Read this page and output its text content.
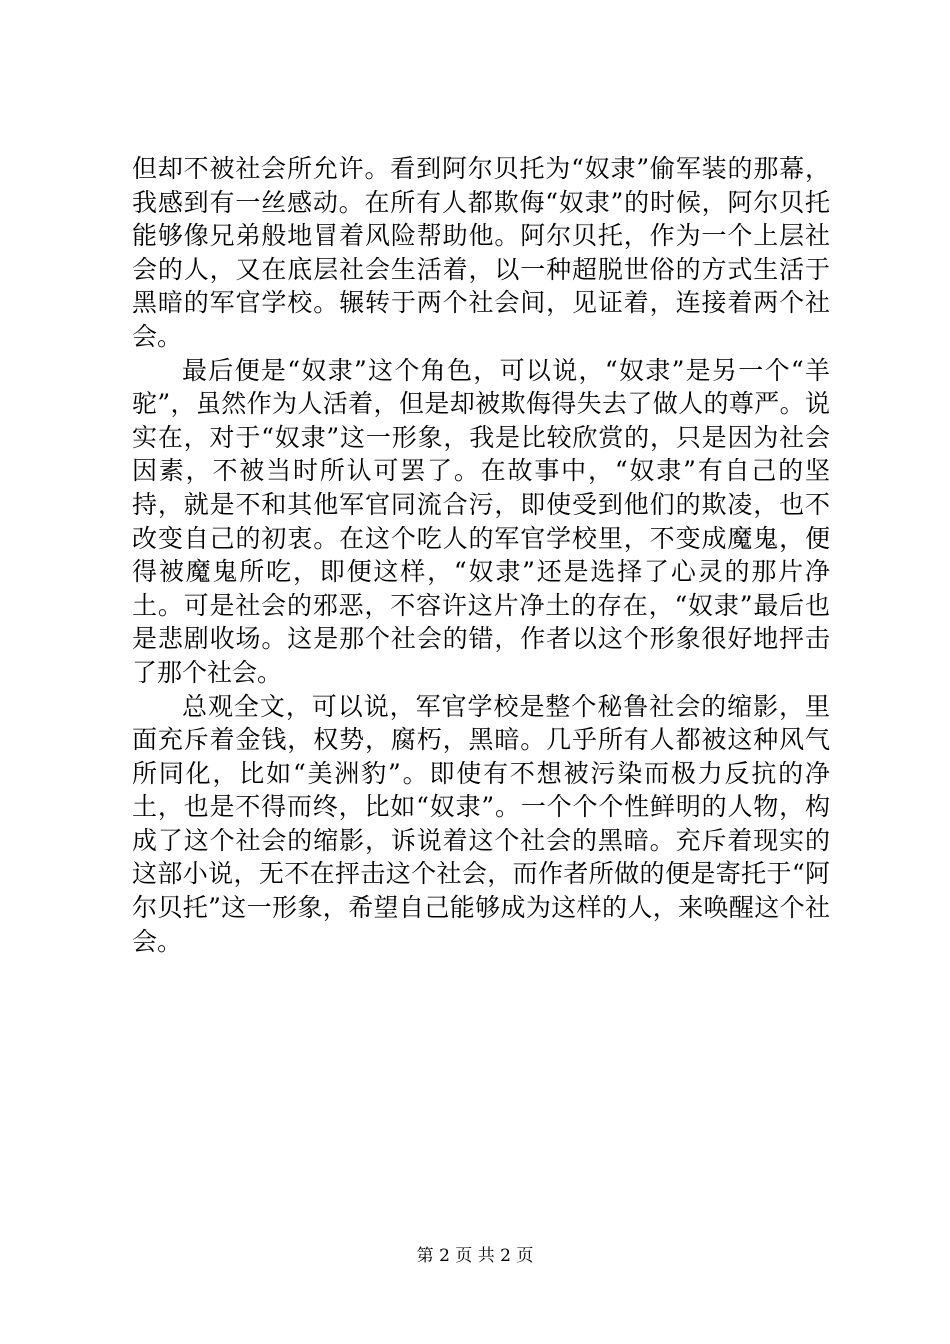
但却不被社会所允许。看到阿尔贝托为“奴隶”偷军装的那幕，我感到有一丝感动。在所有人都欺侮“奴隶”的时候，阿尔贝托能够像兄弟般地冒着风险帮助他。阿尔贝托，作为一个上层社会的人，又在底层社会生活着，以一种超脱世俗的方式生活于黑暗的军官学校。辗转于两个社会间，见证着，连接着两个社会。

最后便是“奴隶”这个角色，可以说，“奴隶”是另一个“羊驼”，虽然作为人活着，但是却被欺侮得失去了做人的尊严。说实在，对于“奴隶”这一形象，我是比较欣赏的，只是因为社会因素，不被当时所认可罢了。在故事中，“奴隶”有自己的坚持，就是不和其他军官同流合污，即使受到他们的欺凌，也不改变自己的初衷。在这个吃人的军官学校里，不变成魔鬼，便得被魔鬼所吃，即便这样，“奴隶”还是选择了心灵的那片净土。可是社会的邪恶，不容许这片净土的存在，“奴隶”最后也是悲剧收场。这是那个社会的错，作者以这个形象很好地抨击了那个社会。

总观全文，可以说，军官学校是整个秘鲁社会的缩影，里面充斥着金钱，权势，腐朽，黑暗。几乎所有人都被这种风气所同化，比如“美洲豹”。即使有不想被污染而极力反抗的净土，也是不得而终，比如“奴隶”。一个个个性鲜明的人物，构成了这个社会的缩影，诉说着这个社会的黑暗。充斥着现实的这部小说，无不在抨击这个社会，而作者所做的便是寄托于“阿尔贝托”这一形象，希望自己能够成为这样的人，来唤醒这个社会。

第 2 页 共 2 页
